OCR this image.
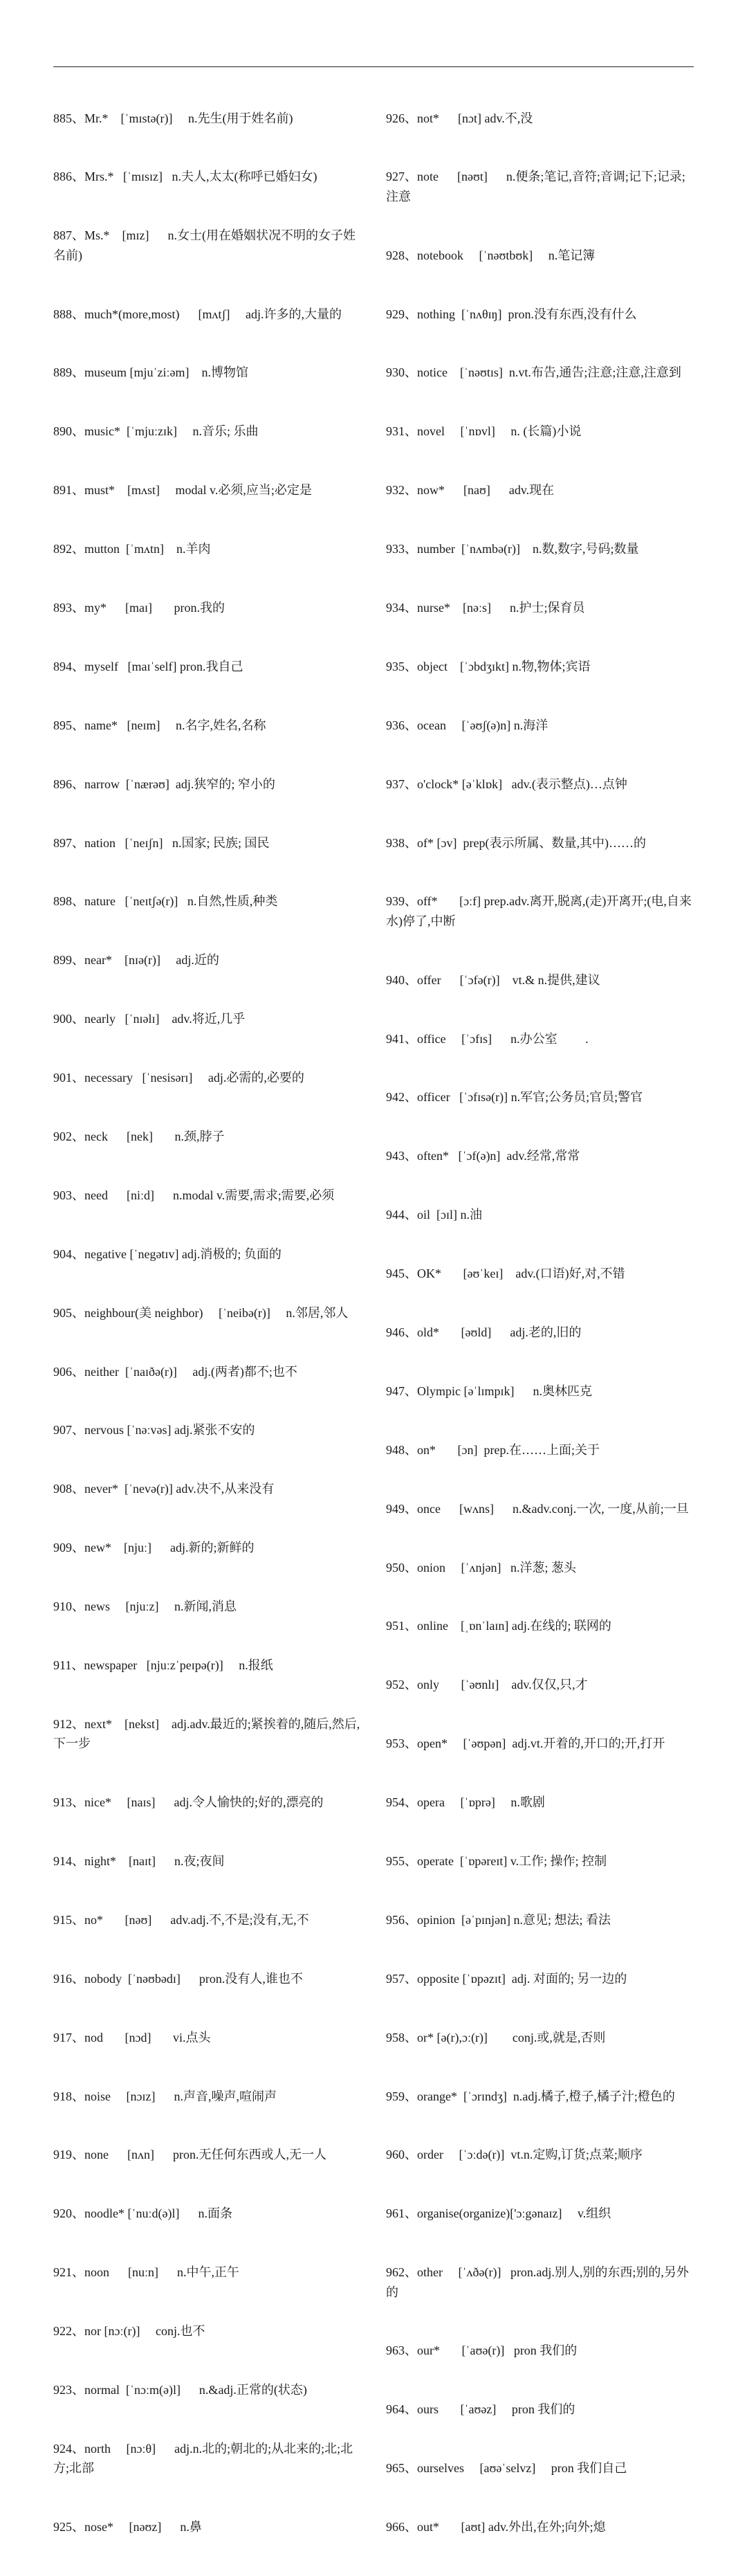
885、Mr.*    [ˈmɪstə(r)]     n.先生(用于姓名前)

886、Mrs.*   [ˈmɪsɪz]   n.夫人,太太(称呼已婚妇女)

887、Ms.*    [mɪz]      n.女士(用在婚姻状况不明的女子姓名前)

888、much*(more,most)      [mʌtʃ]     adj.许多的,大量的

889、museum [mjuˈziːəm]    n.博物馆

890、music*  [ˈmjuːzɪk]     n.音乐; 乐曲

891、must*    [mʌst]     modal v.必须,应当;必定是

892、mutton  [ˈmʌtn]    n.羊肉

893、my*      [maɪ]       pron.我的

894、myself   [maɪˈself] pron.我自己

895、name*   [neɪm]     n.名字,姓名,名称

896、narrow  [ˈnærəʊ]  adj.狭窄的; 窄小的

897、nation   [ˈneɪʃn]   n.国家; 民族; 国民

898、nature   [ˈneɪtʃə(r)]   n.自然,性质,种类

899、near*    [nɪə(r)]     adj.近的

900、nearly   [ˈnɪəlɪ]    adv.将近,几乎

901、necessary   [ˈnesisərɪ]     adj.必需的,必要的

902、neck      [nek]       n.颈,脖子

903、need      [niːd]      n.modal v.需要,需求;需要,必须

904、negative [ˈnegətɪv] adj.消极的; 负面的

905、neighbour(美 neighbor)     [ˈneibə(r)]     n.邻居,邻人

906、neither  [ˈnaɪðə(r)]     adj.(两者)都不;也不

907、nervous [ˈnəːvəs] adj.紧张不安的

908、never*  [ˈnevə(r)] adv.决不,从来没有

909、new*    [njuː]      adj.新的;新鲜的

910、news     [njuːz]     n.新闻,消息

911、newspaper   [njuːzˈpeɪpə(r)]     n.报纸

912、next*    [nekst]    adj.adv.最近的;紧挨着的,随后,然后,下一步

913、nice*     [naɪs]      adj.令人愉快的;好的,漂亮的

914、night*    [naɪt]      n.夜;夜间

915、no*       [nəʊ]      adv.adj.不,不是;没有,无,不

916、nobody  [ˈnəʊbədɪ]      pron.没有人,谁也不

917、nod       [nɔd]       vi.点头

918、noise     [nɔɪz]      n.声音,噪声,喧闹声

919、none      [nʌn]      pron.无任何东西或人,无一人

920、noodle* [ˈnuːd(ə)l]      n.面条

921、noon      [nuːn]      n.中午,正午

922、nor [nɔː(r)]     conj.也不

923、normal  [ˈnɔːm(ə)l]      n.&adj.正常的(状态)

924、north     [nɔːθ]      adj.n.北的;朝北的;从北来的;北;北方;北部

925、nose*     [nəʊz]      n.鼻

926、not*      [nɔt] adv.不,没

927、note      [nəʊt]      n.便条;笔记,音符;音调;记下;记录;注意

928、notebook     [ˈnəʊtbʊk]     n.笔记簿

929、nothing  [ˈnʌθɪŋ]  pron.没有东西,没有什么

930、notice    [ˈnəʊtɪs]  n.vt.布告,通告;注意;注意,注意到

931、novel     [ˈnɒvl]     n. (长篇)小说

932、now*      [naʊ]      adv.现在

933、number  [ˈnʌmbə(r)]    n.数,数字,号码;数量

934、nurse*    [nəːs]      n.护士;保育员

935、object    [ˈɔbdʒɪkt] n.物,物体;宾语

936、ocean     [ˈəʊʃ(ə)n] n.海洋

937、o'clock* [əˈklɒk]   adv.(表示整点)…点钟

938、of* [ɔv]  prep(表示所属、数量,其中)……的

939、off*       [ɔːf] prep.adv.离开,脱离,(走)开离开;(电,自来水)停了,中断

940、offer      [ˈɔfə(r)]    vt.& n.提供,建议

941、office     [ˈɔfɪs]      n.办公室         .

942、officer   [ˈɔfɪsə(r)] n.军官;公务员;官员;警官

943、often*   [ˈɔf(ə)n]  adv.经常,常常

944、oil  [ɔɪl] n.油

945、OK*       [əʊˈkeɪ]    adv.(口语)好,对,不错

946、old*       [əʊld]      adj.老的,旧的

947、Olympic [əˈlɪmpɪk]      n.奥林匹克

948、on*       [ɔn]  prep.在……上面;关于

949、once      [wʌns]      n.&adv.conj.一次, 一度,从前;一旦

950、onion     [ˈʌnjən]   n.洋葱; 葱头

951、online    [ˌɒnˈlaɪn] adj.在线的; 联网的

952、only       [ˈəʊnlɪ]    adv.仅仅,只,才

953、open*     [ˈəʊpən]  adj.vt.开着的,开口的;开,打开

954、opera     [ˈɒprə]     n.歌剧

955、operate  [ˈɒpəreɪt] v.工作; 操作; 控制

956、opinion  [əˈpɪnjən] n.意见; 想法; 看法

957、opposite [ˈɒpəzɪt]  adj. 对面的; 另一边的

958、or* [ə(r),ɔː(r)]        conj.或,就是,否则

959、orange*  [ˈɔrɪndʒ]  n.adj.橘子,橙子,橘子汁;橙色的

960、order     [ˈɔːdə(r)]  vt.n.定购,订货;点菜;顺序

961、organise(organize)['ɔːgənaɪz]     v.组织

962、other     [ˈʌðə(r)]   pron.adj.别人,别的东西;别的,另外的

963、our*       [ˈaʊə(r)]   pron 我们的

964、ours       [ˈaʊəz]     pron 我们的

965、ourselves     [aʊəˈselvz]     pron 我们自己

966、out*       [aʊt] adv.外出,在外;向外;熄
